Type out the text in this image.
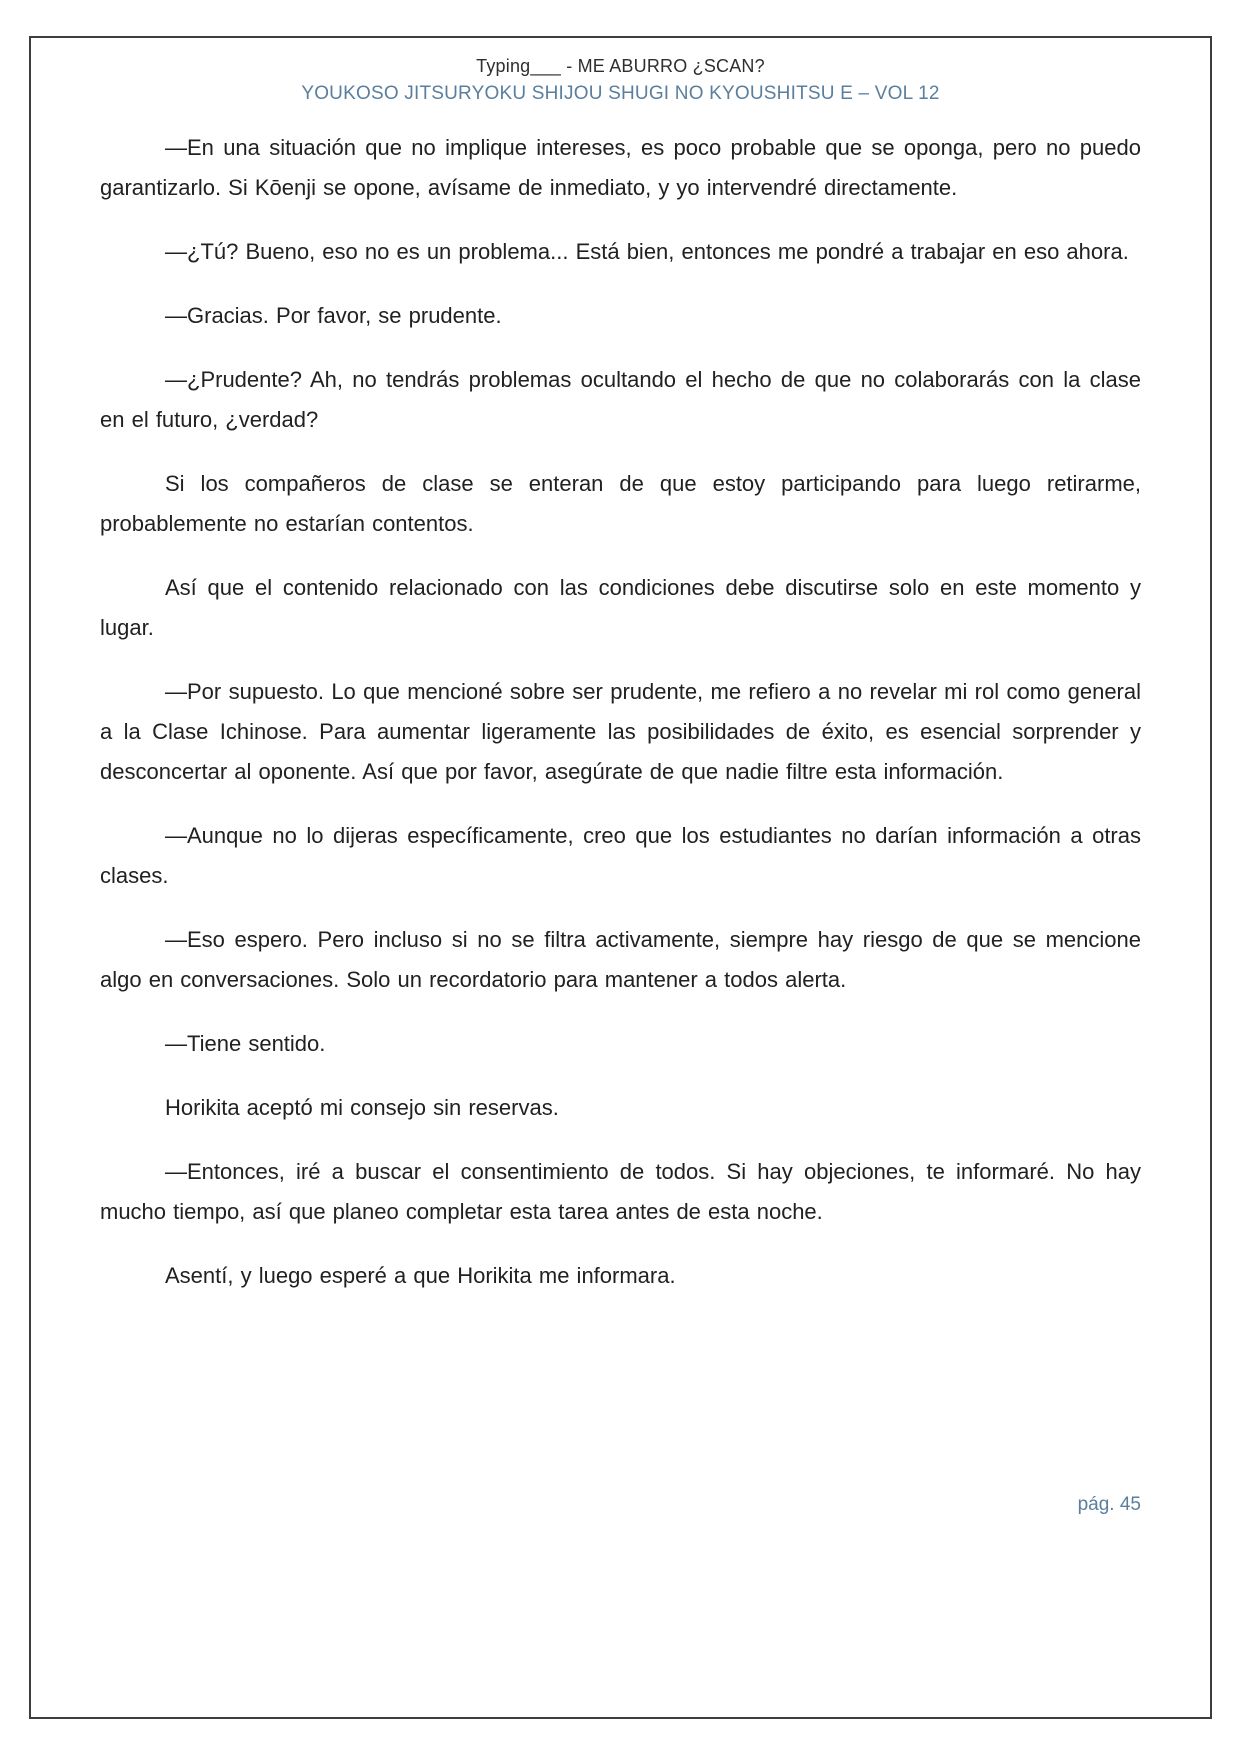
Typing___ - ME ABURRO ¿SCAN?
YOUKOSO JITSURYOKU SHIJOU SHUGI NO KYOUSHITSU E – VOL 12

—En una situación que no implique intereses, es poco probable que se oponga, pero no puedo garantizarlo. Si Kōenji se opone, avísame de inmediato, y yo intervendré directamente.

—¿Tú? Bueno, eso no es un problema... Está bien, entonces me pondré a trabajar en eso ahora.

—Gracias. Por favor, se prudente.

—¿Prudente? Ah, no tendrás problemas ocultando el hecho de que no colaborarás con la clase en el futuro, ¿verdad?

Si los compañeros de clase se enteran de que estoy participando para luego retirarme, probablemente no estarían contentos.

Así que el contenido relacionado con las condiciones debe discutirse solo en este momento y lugar.

—Por supuesto. Lo que mencioné sobre ser prudente, me refiero a no revelar mi rol como general a la Clase Ichinose. Para aumentar ligeramente las posibilidades de éxito, es esencial sorprender y desconcertar al oponente. Así que por favor, asegúrate de que nadie filtre esta información.

—Aunque no lo dijeras específicamente, creo que los estudiantes no darían información a otras clases.

—Eso espero. Pero incluso si no se filtra activamente, siempre hay riesgo de que se mencione algo en conversaciones. Solo un recordatorio para mantener a todos alerta.

—Tiene sentido.

Horikita aceptó mi consejo sin reservas.

—Entonces, iré a buscar el consentimiento de todos. Si hay objeciones, te informaré. No hay mucho tiempo, así que planeo completar esta tarea antes de esta noche.

Asentí, y luego esperé a que Horikita me informara.

pág. 45
